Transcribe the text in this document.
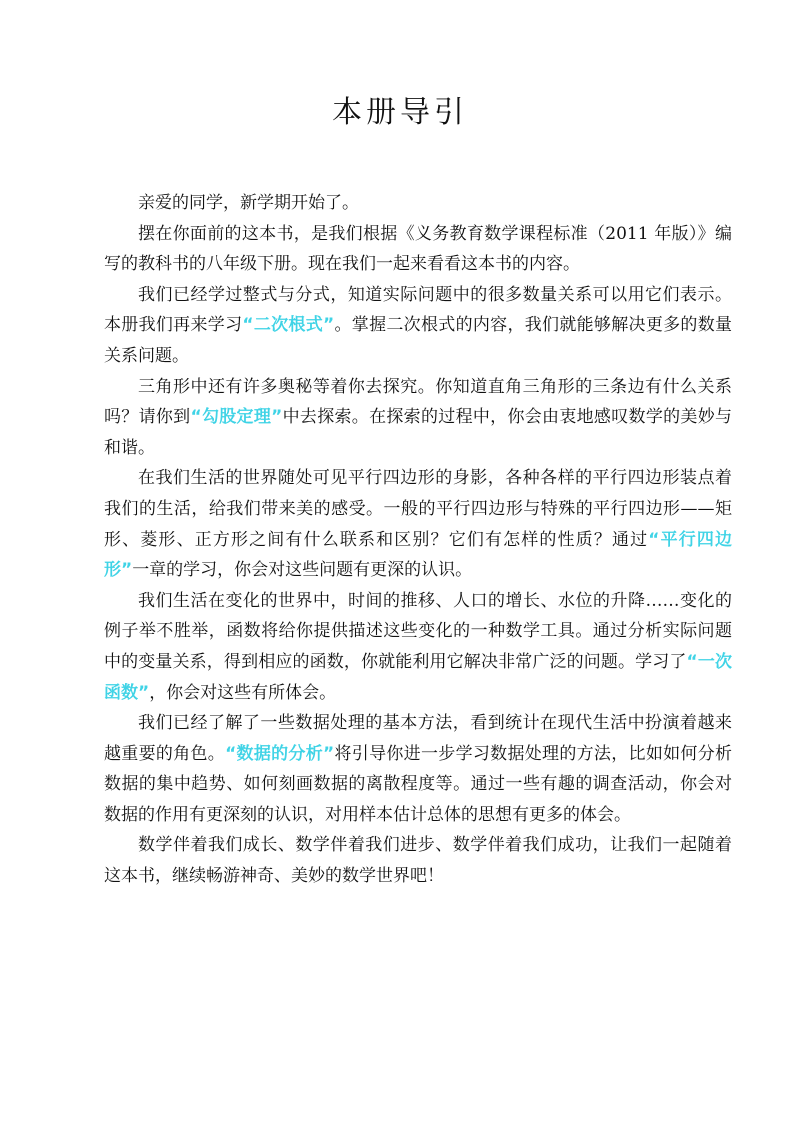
本册导引

亲爱的同学，新学期开始了。

摆在你面前的这本书，是我们根据《义务教育数学课程标准（2011 年版）》编写的教科书的八年级下册。现在我们一起来看看这本书的内容。

我们已经学过整式与分式，知道实际问题中的很多数量关系可以用它们表示。本册我们再来学习“二次根式”。掌握二次根式的内容，我们就能够解决更多的数量关系问题。

三角形中还有许多奥秘等着你去探究。你知道直角三角形的三条边有什么关系吗？请你到“勾股定理”中去探索。在探索的过程中，你会由衷地感叹数学的美妙与和谐。

在我们生活的世界随处可见平行四边形的身影，各种各样的平行四边形装点着我们的生活，给我们带来美的感受。一般的平行四边形与特殊的平行四边形——矩形、菱形、正方形之间有什么联系和区别？它们有怎样的性质？通过“平行四边形”一章的学习，你会对这些问题有更深的认识。

我们生活在变化的世界中，时间的推移、人口的增长、水位的升降……变化的例子举不胜举，函数将给你提供描述这些变化的一种数学工具。通过分析实际问题中的变量关系，得到相应的函数，你就能利用它解决非常广泛的问题。学习了“一次函数”，你会对这些有所体会。

我们已经了解了一些数据处理的基本方法，看到统计在现代生活中扮演着越来越重要的角色。“数据的分析”将引导你进一步学习数据处理的方法，比如如何分析数据的集中趋势、如何刻画数据的离散程度等。通过一些有趣的调查活动，你会对数据的作用有更深刻的认识，对用样本估计总体的思想有更多的体会。

数学伴着我们成长、数学伴着我们进步、数学伴着我们成功，让我们一起随着这本书，继续畅游神奇、美妙的数学世界吧！
